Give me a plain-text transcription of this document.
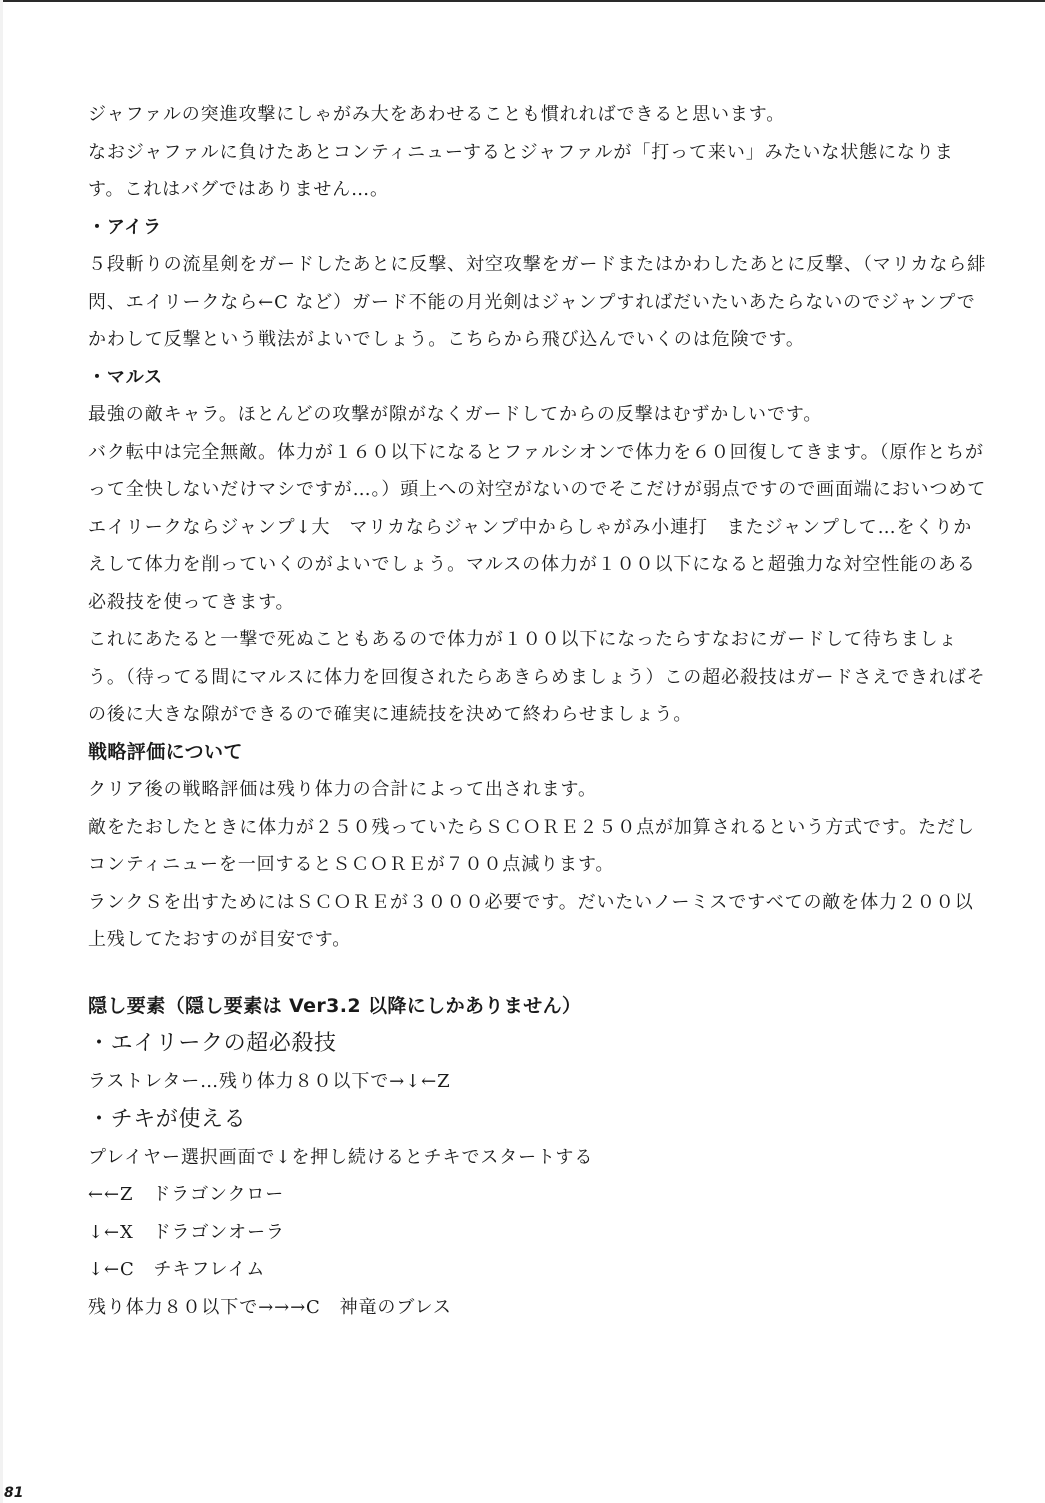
ジャファルの突進攻撃にしゃがみ大をあわせることも慣れればできると思います。

なおジャファルに負けたあとコンティニューするとジャファルが「打って来い」みたいな状態になります。これはバグではありません…。

・アイラ

５段斬りの流星剣をガードしたあとに反撃、対空攻撃をガードまたはかわしたあとに反撃、（マリカなら緋閃、エイリークなら←C など）ガード不能の月光剣はジャンプすればだいたいあたらないのでジャンプでかわして反撃という戦法がよいでしょう。こちらから飛び込んでいくのは危険です。

・マルス

最強の敵キャラ。ほとんどの攻撃が隙がなくガードしてからの反撃はむずかしいです。

バク転中は完全無敵。体力が１６０以下になるとファルシオンで体力を６０回復してきます。（原作とちがって全快しないだけマシですが…。）頭上への対空がないのでそこだけが弱点ですので画面端においつめてエイリークならジャンプ↓大　マリカならジャンプ中からしゃがみ小連打　またジャンプして…をくりかえして体力を削っていくのがよいでしょう。マルスの体力が１００以下になると超強力な対空性能のある必殺技を使ってきます。

これにあたると一撃で死ぬこともあるので体力が１００以下になったらすなおにガードして待ちましょう。（待ってる間にマルスに体力を回復されたらあきらめましょう）この超必殺技はガードさえできればその後に大きな隙ができるので確実に連続技を決めて終わらせましょう。

戦略評価について

クリア後の戦略評価は残り体力の合計によって出されます。

敵をたおしたときに体力が２５０残っていたらＳＣＯＲＥ２５０点が加算されるという方式です。ただしコンティニューを一回するとＳＣＯＲＥが７００点減ります。

ランクＳを出すためにはＳＣＯＲＥが３０００必要です。だいたいノーミスですべての敵を体力２００以上残してたおすのが目安です。

隠し要素（隠し要素は Ver3.2 以降にしかありません）

・エイリークの超必殺技

ラストレター…残り体力８０以下で→↓←Z

・チキが使える

プレイヤー選択画面で↓を押し続けるとチキでスタートする

←←Z　ドラゴンクロー

↓←X　ドラゴンオーラ

↓←C　チキフレイム

残り体力８０以下で→→→C　神竜のブレス

81
